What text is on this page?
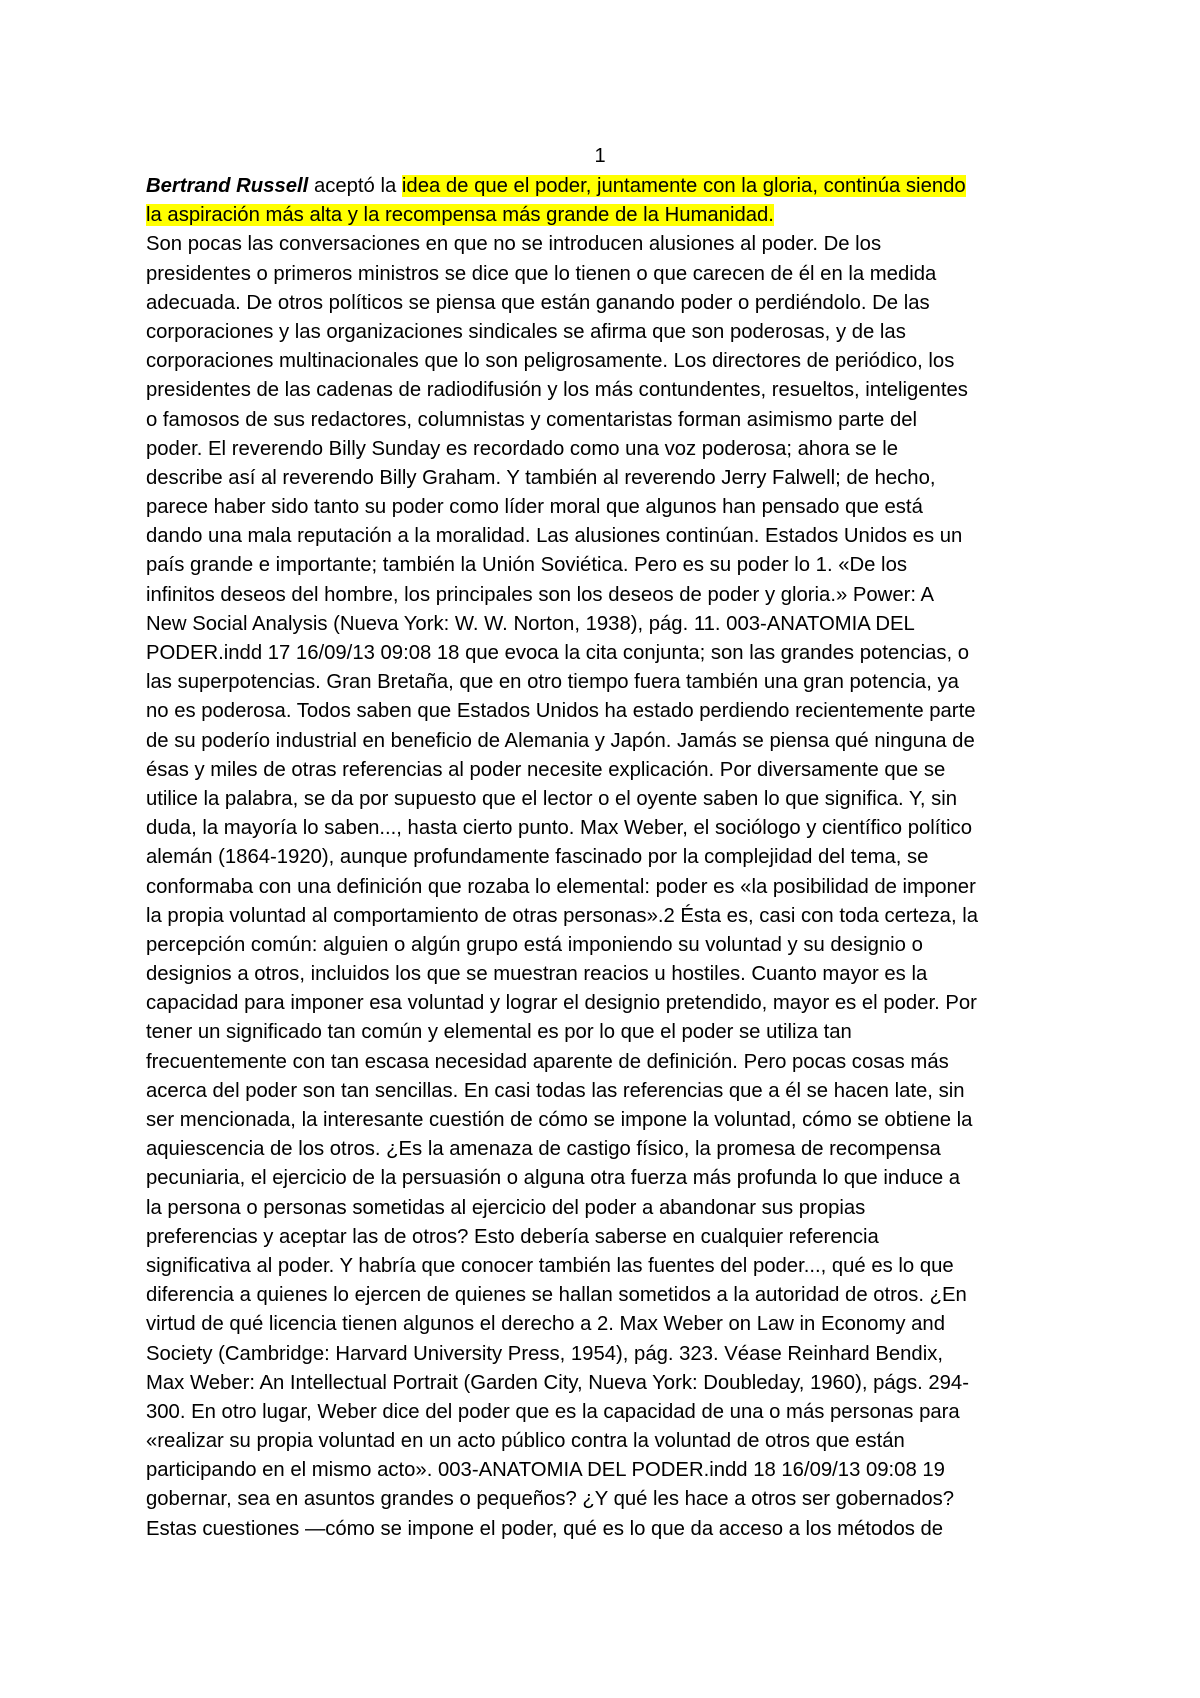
1
Bertrand Russell aceptó la idea de que el poder, juntamente con la gloria, continúa siendo
la aspiración más alta y la recompensa más grande de la Humanidad.
Son pocas las conversaciones en que no se introducen alusiones al poder. De los
presidentes o primeros ministros se dice que lo tienen o que carecen de él en la medida
adecuada. De otros políticos se piensa que están ganando poder o perdiéndolo. De las
corporaciones y las organizaciones sindicales se afirma que son poderosas, y de las
corporaciones multinacionales que lo son peligrosamente. Los directores de periódico, los
presidentes de las cadenas de radiodifusión y los más contundentes, resueltos, inteligentes
o famosos de sus redactores, columnistas y comentaristas forman asimismo parte del
poder. El reverendo Billy Sunday es recordado como una voz poderosa; ahora se le
describe así al reverendo Billy Graham. Y también al reverendo Jerry Falwell; de hecho,
parece haber sido tanto su poder como líder moral que algunos han pensado que está
dando una mala reputación a la moralidad. Las alusiones continúan. Estados Unidos es un
país grande e importante; también la Unión Soviética. Pero es su poder lo 1. «De los
infinitos deseos del hombre, los principales son los deseos de poder y gloria.» Power: A
New Social Analysis (Nueva York: W. W. Norton, 1938), pág. 11. 003-ANATOMIA DEL
PODER.indd 17 16/09/13 09:08 18 que evoca la cita conjunta; son las grandes potencias, o
las superpotencias. Gran Bretaña, que en otro tiempo fuera también una gran potencia, ya
no es poderosa. Todos saben que Estados Unidos ha estado perdiendo recientemente parte
de su poderío industrial en beneficio de Alemania y Japón. Jamás se piensa qué ninguna de
ésas y miles de otras referencias al poder necesite explicación. Por diversamente que se
utilice la palabra, se da por supuesto que el lector o el oyente saben lo que significa. Y, sin
duda, la mayoría lo saben..., hasta cierto punto. Max Weber, el sociólogo y científico político
alemán (1864-1920), aunque profundamente fascinado por la complejidad del tema, se
conformaba con una definición que rozaba lo elemental: poder es «la posibilidad de imponer
la propia voluntad al comportamiento de otras personas».2 Ésta es, casi con toda certeza, la
percepción común: alguien o algún grupo está imponiendo su voluntad y su designio o
designios a otros, incluidos los que se muestran reacios u hostiles. Cuanto mayor es la
capacidad para imponer esa voluntad y lograr el designio pretendido, mayor es el poder. Por
tener un significado tan común y elemental es por lo que el poder se utiliza tan
frecuentemente con tan escasa necesidad aparente de definición. Pero pocas cosas más
acerca del poder son tan sencillas. En casi todas las referencias que a él se hacen late, sin
ser mencionada, la interesante cuestión de cómo se impone la voluntad, cómo se obtiene la
aquiescencia de los otros. ¿Es la amenaza de castigo físico, la promesa de recompensa
pecuniaria, el ejercicio de la persuasión o alguna otra fuerza más profunda lo que induce a
la persona o personas sometidas al ejercicio del poder a abandonar sus propias
preferencias y aceptar las de otros? Esto debería saberse en cualquier referencia
significativa al poder. Y habría que conocer también las fuentes del poder..., qué es lo que
diferencia a quienes lo ejercen de quienes se hallan sometidos a la autoridad de otros. ¿En
virtud de qué licencia tienen algunos el derecho a 2. Max Weber on Law in Economy and
Society (Cambridge: Harvard University Press, 1954), pág. 323. Véase Reinhard Bendix,
Max Weber: An Intellectual Portrait (Garden City, Nueva York: Doubleday, 1960), págs. 294-
300. En otro lugar, Weber dice del poder que es la capacidad de una o más personas para
«realizar su propia voluntad en un acto público contra la voluntad de otros que están
participando en el mismo acto». 003-ANATOMIA DEL PODER.indd 18 16/09/13 09:08 19
gobernar, sea en asuntos grandes o pequeños? ¿Y qué les hace a otros ser gobernados?
Estas cuestiones —cómo se impone el poder, qué es lo que da acceso a los métodos de
